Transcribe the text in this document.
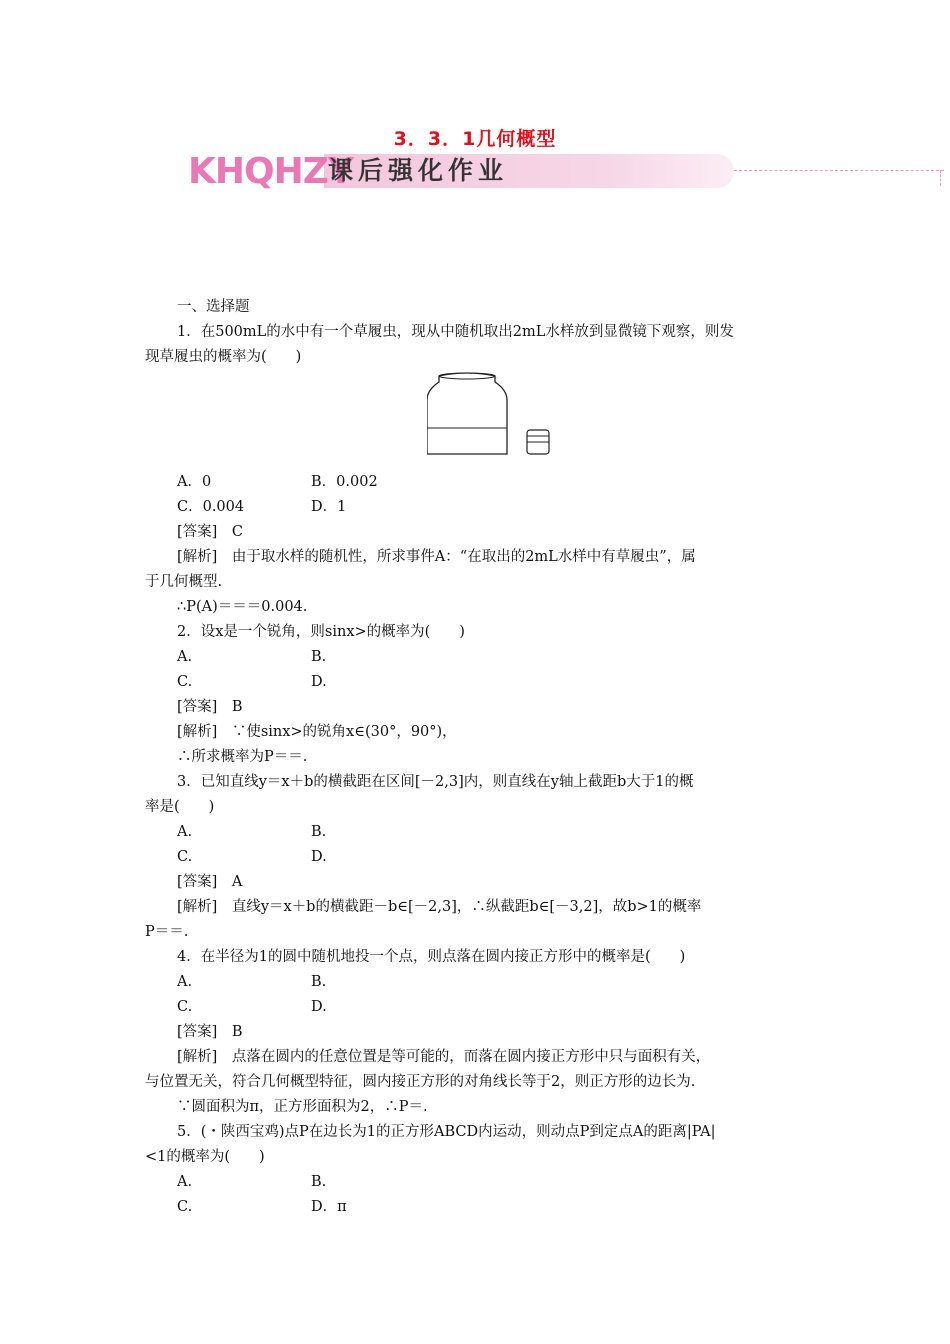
3．3．1几何概型
KHQHZY
课后强化作业
一、选择题
1．在500mL的水中有一个草履虫，现从中随机取出2mL水样放到显微镜下观察，则发
现草履虫的概率为(　　)
A．0	B．0.002
C．0.004	D．1
[答案]　C
[解析]　由于取水样的随机性，所求事件A：“在取出的2mL水样中有草履虫”，属
于几何概型.
∴P(A)＝＝＝0.004.
2．设x是一个锐角，则sinx>的概率为(　　)
A.	B.
C.	D.
[答案]　B
[解析]　∵使sinx>的锐角x∈(30°，90°)，
∴所求概率为P＝＝.
3．已知直线y＝x＋b的横截距在区间[－2,3]内，则直线在y轴上截距b大于1的概
率是(　　)
A.	B.
C.	D.
[答案]　A
[解析]　直线y＝x＋b的横截距－b∈[－2,3]，∴纵截距b∈[－3,2]，故b>1的概率
P＝＝.
4．在半径为1的圆中随机地投一个点，则点落在圆内接正方形中的概率是(　　)
A.	B.
C.	D.
[答案]　B
[解析]　点落在圆内的任意位置是等可能的，而落在圆内接正方形中只与面积有关，
与位置无关，符合几何概型特征，圆内接正方形的对角线长等于2，则正方形的边长为.
∵圆面积为π，正方形面积为2，∴P＝.
5．(・陕西宝鸡)点P在边长为1的正方形ABCD内运动，则动点P到定点A的距离|PA|
<1的概率为(　　)
A.	B.
C.	D．π
